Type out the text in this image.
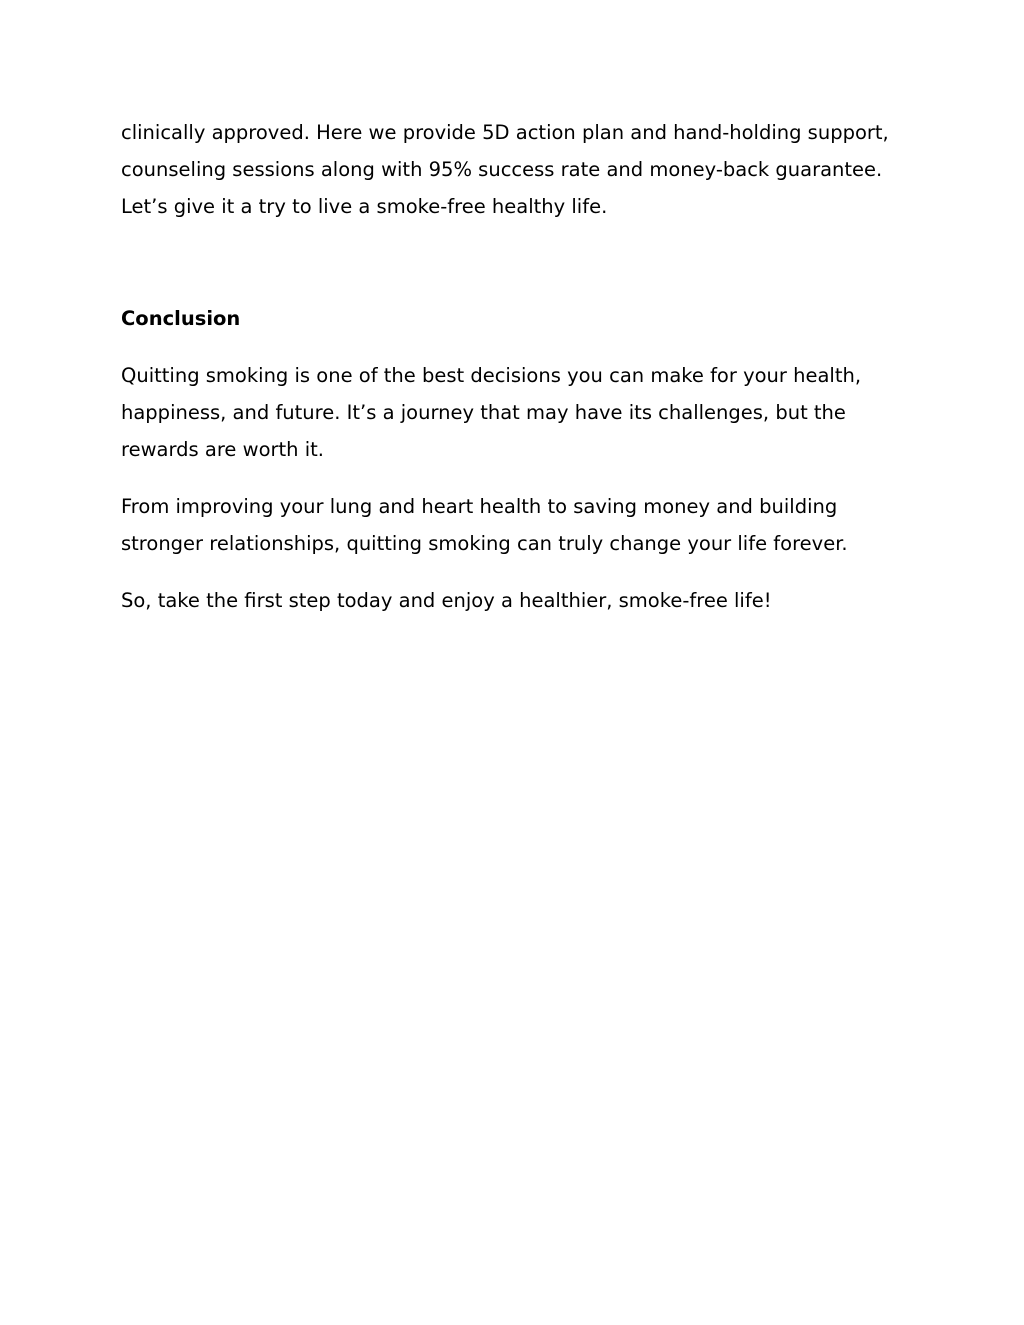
clinically approved. Here we provide 5D action plan and hand-holding support, counseling sessions along with 95% success rate and money-back guarantee. Let’s give it a try to live a smoke-free healthy life.

Conclusion

Quitting smoking is one of the best decisions you can make for your health, happiness, and future. It’s a journey that may have its challenges, but the rewards are worth it.

From improving your lung and heart health to saving money and building stronger relationships, quitting smoking can truly change your life forever.

So, take the first step today and enjoy a healthier, smoke-free life!
